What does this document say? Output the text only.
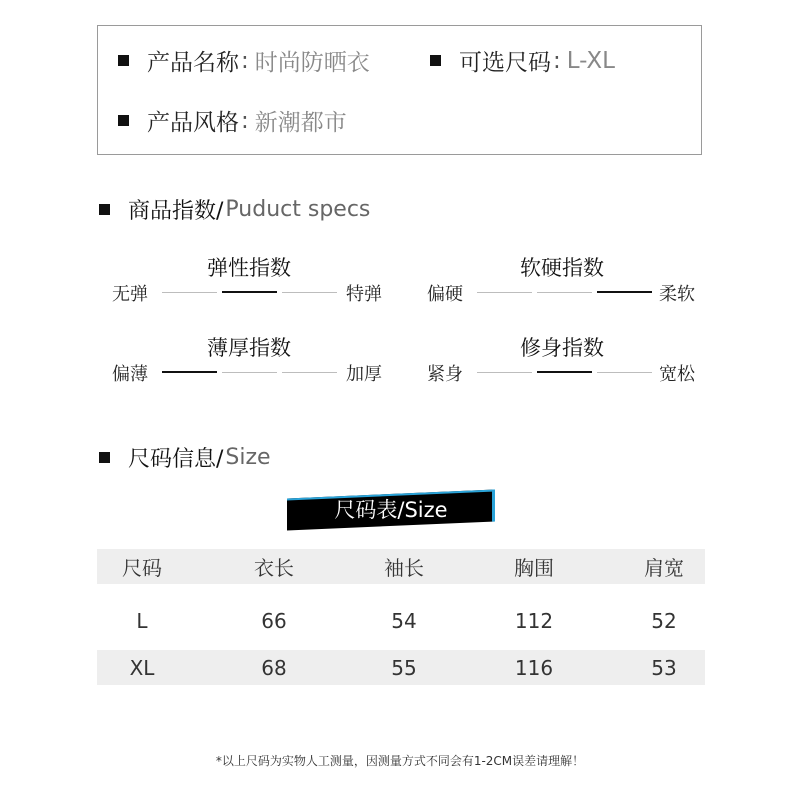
产品名称 : 时尚防晒衣	可选尺码 : L-XL
产品风格 : 新潮都市
商品指数/ Puduct specs
弹性指数
无弹	特弹
软硬指数
偏硬	柔软
薄厚指数
偏薄	加厚
修身指数
紧身	宽松
尺码信息/ Size
尺码表/Size
尺码	衣长	袖长	胸围	肩宽
L	66	54	112	52
XL	68	55	116	53
*以上尺码为实物人工测量，因测量方式不同会有1-2CM误差请理解！
